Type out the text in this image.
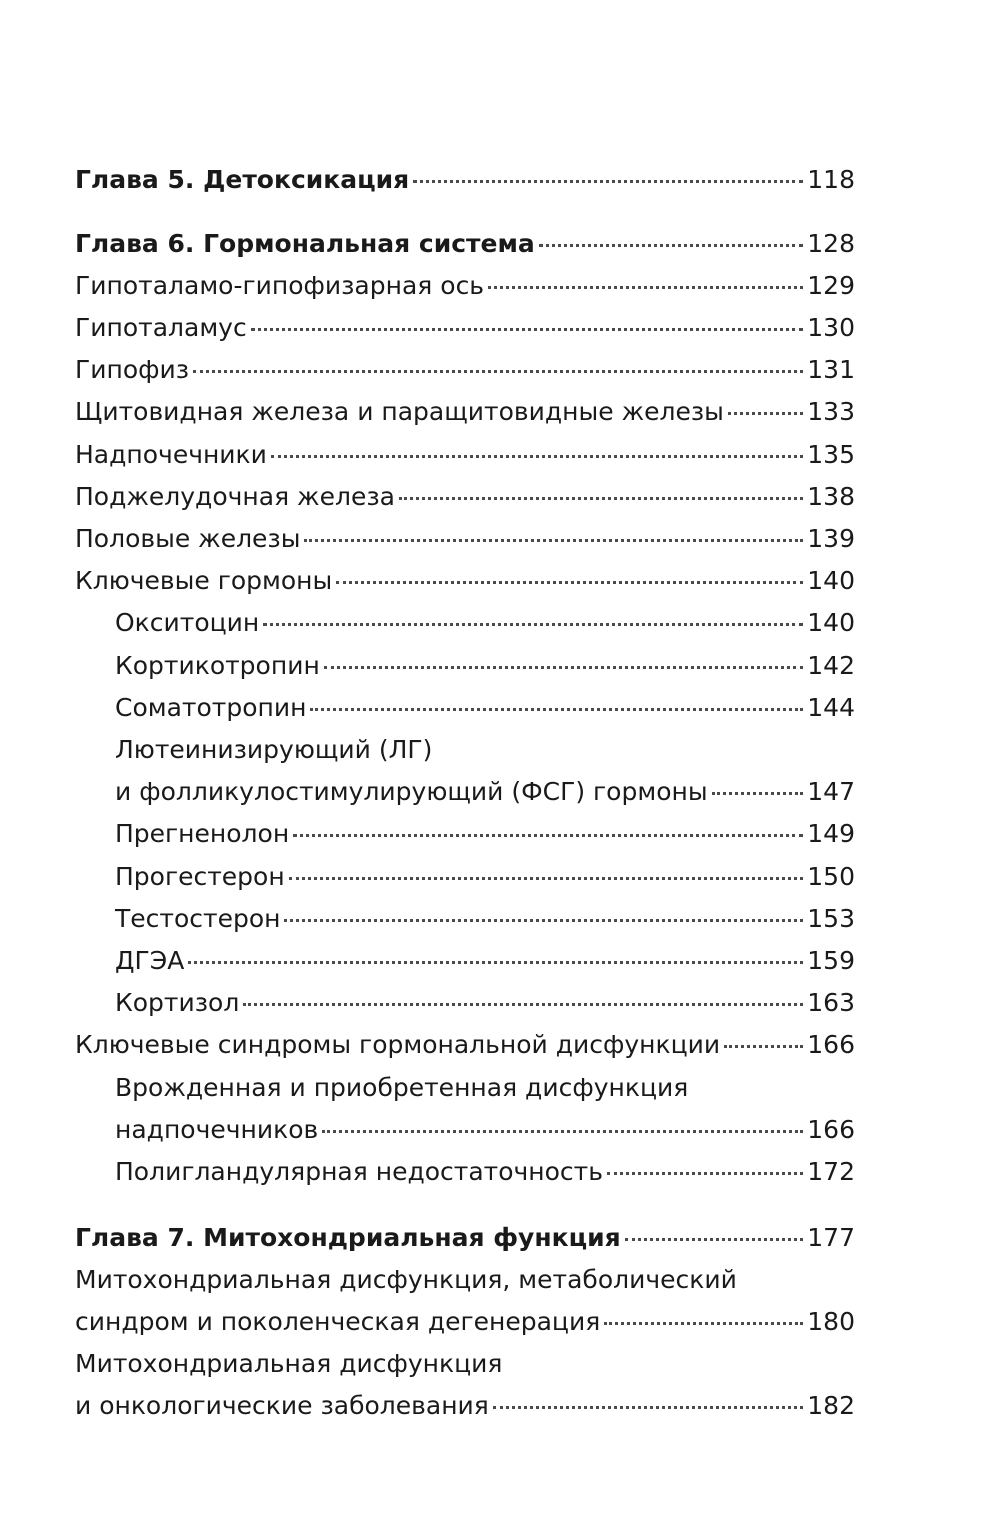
Глава 5. Детоксикация	118
Глава 6. Гормональная система	128
Гипоталамо-гипофизарная ось	129
Гипоталамус	130
Гипофиз	131
Щитовидная железа и паращитовидные железы	133
Надпочечники	135
Поджелудочная железа	138
Половые железы	139
Ключевые гормоны	140
Окситоцин	140
Кортикотропин	142
Соматотропин	144
Лютеинизирующий (ЛГ)
и фолликулостимулирующий (ФСГ) гормоны	147
Прегненолон	149
Прогестерон	150
Тестостерон	153
ДГЭА	159
Кортизол	163
Ключевые синдромы гормональной дисфункции	166
Врожденная и приобретенная дисфункция
надпочечников	166
Полигландулярная недостаточность	172
Глава 7. Митохондриальная функция	177
Митохондриальная дисфункция, метаболический
синдром и поколенческая дегенерация	180
Митохондриальная дисфункция
и онкологические заболевания	182
